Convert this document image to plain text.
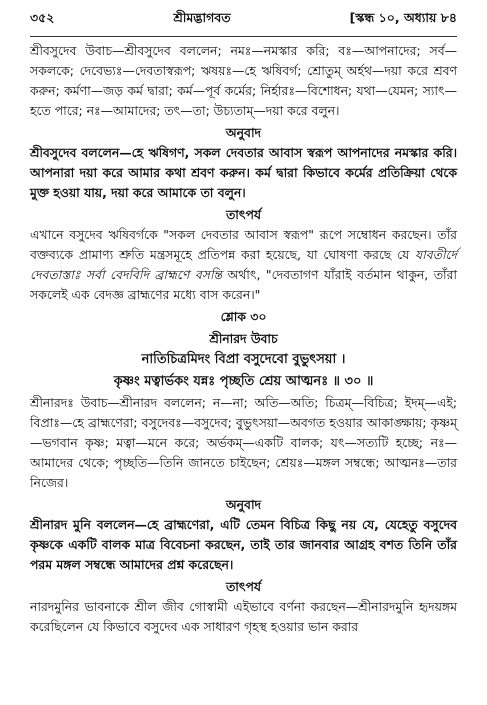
৩৫২	শ্রীমদ্ভাগবত	[স্কন্ধ ১০, অধ্যায় ৮৪

শ্রীবসুদেব উবাচ—শ্রীবসুদেব বললেন; নমঃ—নমস্কার করি; বঃ—আপনাদের; সর্ব—সকলকে; দেবেভ্যঃ—দেবতাস্বরূপ; ঋষয়ঃ—হে ঋষিবর্গ; শ্রোতুম্ অর্হথ—দয়া করে শ্রবণ করুন; কর্মণা—জড় কর্ম দ্বারা; কর্ম—পূর্ব কর্মের; নির্হারঃ—বিশোধন; যথা—যেমন; স্যাৎ—হতে পারে; নঃ—আমাদের; তৎ—তা; উচ্যতাম্—দয়া করে বলুন।

অনুবাদ

শ্রীবসুদেব বললেন—হে ঋষিগণ, সকল দেবতার আবাস স্বরূপ আপনাদের নমস্কার করি। আপনারা দয়া করে আমার কথা শ্রবণ করুন। কর্ম দ্বারা কিভাবে কর্মের প্রতিক্রিয়া থেকে মুক্ত হওয়া যায়, দয়া করে আমাকে তা বলুন।

তাৎপর্য

এখানে বসুদেব ঋষিবর্গকে "সকল দেবতার আবাস স্বরূপ" রূপে সম্বোধন করছেন। তাঁর বক্তব্যকে প্রামাণ্য শ্রুতি মন্ত্রসমূহে প্রতিপন্ন করা হয়েছে, যা ঘোষণা করছে যে যাবতীর্দে দেবতাস্তাঃ সর্বা বেদবিদি ব্রাহ্মণে বসন্তি অর্থাৎ, "দেবতাগণ যাঁরাই বর্তমান থাকুন, তাঁরা সকলেই এক বেদজ্ঞ ব্রাহ্মণের মধ্যে বাস করেন।"

শ্লোক ৩০
শ্রীনারদ উবাচ
নাতিচিত্রমিদং বিপ্রা বসুদেবো বুভুৎসয়া ।
কৃষ্ণং মত্বার্ভকং যন্নঃ পৃচ্ছতি শ্রেয় আত্মনঃ ॥ ৩০ ॥

শ্রীনারদঃ উবাচ—শ্রীনারদ বললেন; ন—না; অতি—অতি; চিত্রম্—বিচিত্র; ইদম্—এই; বিপ্রাঃ—হে ব্রাহ্মণেরা; বসুদেবঃ—বসুদেব; বুভুৎসয়া—অবগত হওয়ার আকাঙ্ক্ষায়; কৃষ্ণম্—ভগবান কৃষ্ণ; মত্বা—মনে করে; অর্ভকম্—একটি বালক; যৎ—সত্যটি হচ্ছে; নঃ—আমাদের থেকে; পৃচ্ছতি—তিনি জানতে চাইছেন; শ্রেয়ঃ—মঙ্গল সম্বন্ধে; আত্মনঃ—তার নিজের।

অনুবাদ

শ্রীনারদ মুনি বললেন—হে ব্রাহ্মণেরা, এটি তেমন বিচিত্র কিছু নয় যে, যেহেতু বসুদেব কৃষ্ণকে একটি বালক মাত্র বিবেচনা করছেন, তাই তার জানবার আগ্রহ বশত তিনি তাঁর পরম মঙ্গল সম্বন্ধে আমাদের প্রশ্ন করেছেন।

তাৎপর্য

নারদমুনির ভাবনাকে শ্রীল জীব গোস্বামী এইভাবে বর্ণনা করছেন—শ্রীনারদমুনি হৃদয়ঙ্গম করেছিলেন যে কিভাবে বসুদেব এক সাধারণ গৃহস্থ হওয়ার ভান করার
